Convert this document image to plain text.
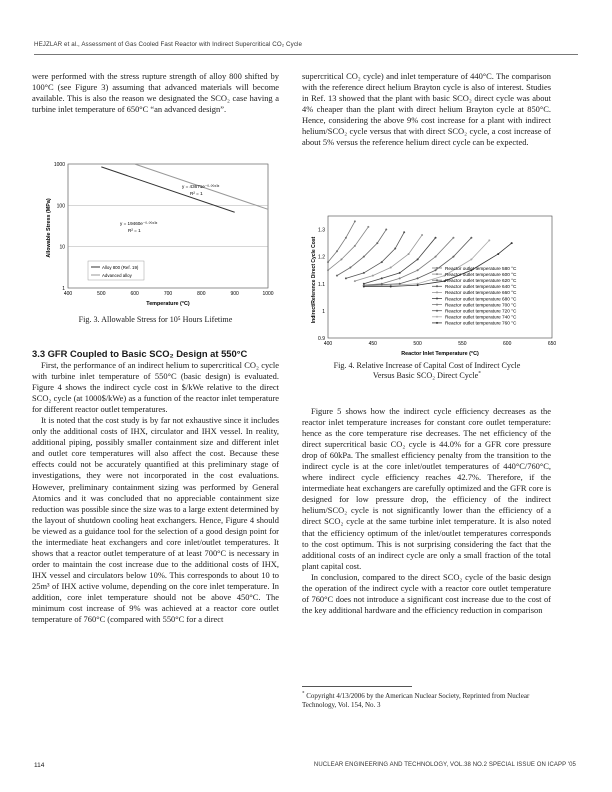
HEJZLAR et al., Assessment of Gas Cooled Fast Reactor with Indirect Supercritical CO₂ Cycle

were performed with the stress rupture strength of alloy 800 shifted by 100°C (see Figure 3) assuming that advanced materials will become available. This is also the reason we designated the SCO₂ case having a turbine inlet temperature of 650°C “an advanced design”.

400	500	600	700	800	900	1000
1
10
100
1000
Allowable Stress (MPa)
Temperature (°C)
y = 43671e⁻⁰·⁰⁰⁶³ˣ
R² = 1
y = 19460e⁻⁰·⁰⁰⁶³ˣ
R² = 1
Alloy 800 (Ref. 19)
Advanced alloy
Fig. 3. Allowable Stress for 10⁵ Hours Lifetime
3.3 GFR Coupled to Basic SCO₂ Design at 550°C

First, the performance of an indirect helium to supercritical CO₂ cycle with turbine inlet temperature of 550°C (basic design) is evaluated. Figure 4 shows the indirect cycle cost in $/kWe relative to the direct SCO₂ cycle (at 1000$/kWe) as a function of the reactor inlet temperature for different reactor outlet temperatures.

It is noted that the cost study is by far not exhaustive since it includes only the additional costs of IHX, circulator and IHX vessel. In reality, additional piping, possibly smaller containment size and different inlet and outlet core temperatures will also affect the cost. Because these effects could not be accurately quantified at this preliminary stage of investigations, they were not incorporated in the cost evaluations. However, preliminary containment sizing was performed by General Atomics and it was concluded that no appreciable containment size reduction was possible since the size was to a large extent determined by the layout of shutdown cooling heat exchangers. Hence, Figure 4 should be viewed as a guidance tool for the selection of a good design point for the intermediate heat exchangers and core inlet/outlet temperatures. It shows that a reactor outlet temperature of at least 700°C is necessary in order to maintain the cost increase due to the additional costs of IHX, IHX vessel and circulators below 10%. This corresponds to about 10 to 25m³ of IHX active volume, depending on the core inlet temperature. In addition, core inlet temperature should not be above 450°C. The minimum cost increase of 9% was achieved at a reactor core outlet temperature of 760°C (compared with 550°C for a direct

supercritical CO₂ cycle) and inlet temperature of 440°C. The comparison with the reference direct helium Brayton cycle is also of interest. Studies in Ref. 13 showed that the plant with basic SCO₂ direct cycle was about 4% cheaper than the plant with direct helium Brayton cycle at 850°C. Hence, considering the above 9% cost increase for a plant with indirect helium/SCO₂ cycle versus that with direct SCO₂ cycle, a cost increase of about 5% versus the reference helium direct cycle can be expected.

400	450	500	550	600	650
0.9
1
1.1
1.2
1.3
Reactor outlet temperature 580 °C
Reactor outlet temperature 600 °C
Reactor outlet temperature 620 °C
Reactor outlet temperature 640 °C
Reactor outlet temperature 660 °C
Reactor outlet temperature 680 °C
Reactor outlet temperature 700 °C
Reactor outlet temperature 720 °C
Reactor outlet temperature 740 °C
Reactor outlet temperature 760 °C
Indirect/Reference Direct Cycle Cost
Reactor Inlet Temperature (°C)
Fig. 4. Relative Increase of Capital Cost of Indirect Cycle
Versus Basic SCO₂ Direct Cycle*

Figure 5 shows how the indirect cycle efficiency decreases as the reactor inlet temperature increases for constant core outlet temperature: hence as the core temperature rise decreases. The net efficiency of the direct supercritical basic CO₂ cycle is 44.0% for a GFR core pressure drop of 60kPa. The smallest efficiency penalty from the transition to the indirect cycle is at the core inlet/outlet temperatures of 440°C/760°C, where indirect cycle efficiency reaches 42.7%. Therefore, if the intermediate heat exchangers are carefully optimized and the GFR core is designed for low pressure drop, the efficiency of the indirect helium/SCO₂ cycle is not significantly lower than the efficiency of a direct SCO₂ cycle at the same turbine inlet temperature. It is also noted that the efficiency optimum of the inlet/outlet temperatures corresponds to the cost optimum. This is not surprising considering the fact that the additional costs of an indirect cycle are only a small fraction of the total plant capital cost.

In conclusion, compared to the direct SCO₂ cycle of the basic design the operation of the indirect cycle with a reactor core outlet temperature of 760°C does not introduce a significant cost increase due to the cost of the key additional hardware and the efficiency reduction in comparison

* Copyright 4/13/2006 by the American Nuclear Society, Reprinted from Nuclear Technology, Vol. 154, No. 3
114	NUCLEAR ENGINEERING AND TECHNOLOGY, VOL.38 NO.2 SPECIAL ISSUE ON ICAPP '05
